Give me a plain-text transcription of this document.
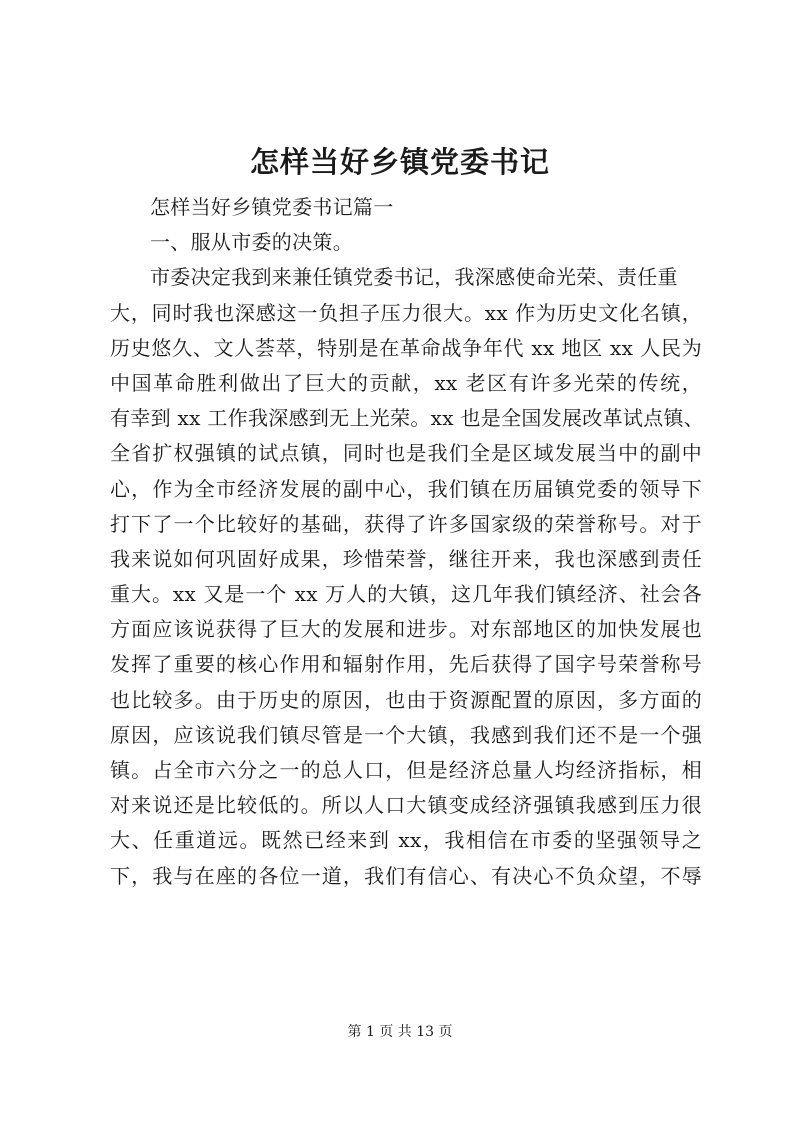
怎样当好乡镇党委书记
怎样当好乡镇党委书记篇一
一、服从市委的决策。
市委决定我到来兼任镇党委书记，我深感使命光荣、责任重
大，同时我也深感这一负担子压力很大。xx 作为历史文化名镇，
历史悠久、文人荟萃，特别是在革命战争年代 xx 地区 xx 人民为
中国革命胜利做出了巨大的贡献，xx 老区有许多光荣的传统，
有幸到 xx 工作我深感到无上光荣。xx 也是全国发展改革试点镇、
全省扩权强镇的试点镇，同时也是我们全是区域发展当中的副中
心，作为全市经济发展的副中心，我们镇在历届镇党委的领导下
打下了一个比较好的基础，获得了许多国家级的荣誉称号。对于
我来说如何巩固好成果，珍惜荣誉，继往开来，我也深感到责任
重大。xx 又是一个 xx 万人的大镇，这几年我们镇经济、社会各
方面应该说获得了巨大的发展和进步。对东部地区的加快发展也
发挥了重要的核心作用和辐射作用，先后获得了国字号荣誉称号
也比较多。由于历史的原因，也由于资源配置的原因，多方面的
原因，应该说我们镇尽管是一个大镇，我感到我们还不是一个强
镇。占全市六分之一的总人口，但是经济总量人均经济指标，相
对来说还是比较低的。所以人口大镇变成经济强镇我感到压力很
大、任重道远。既然已经来到 xx，我相信在市委的坚强领导之
下，我与在座的各位一道，我们有信心、有决心不负众望，不辱
第 1 页 共 13 页
